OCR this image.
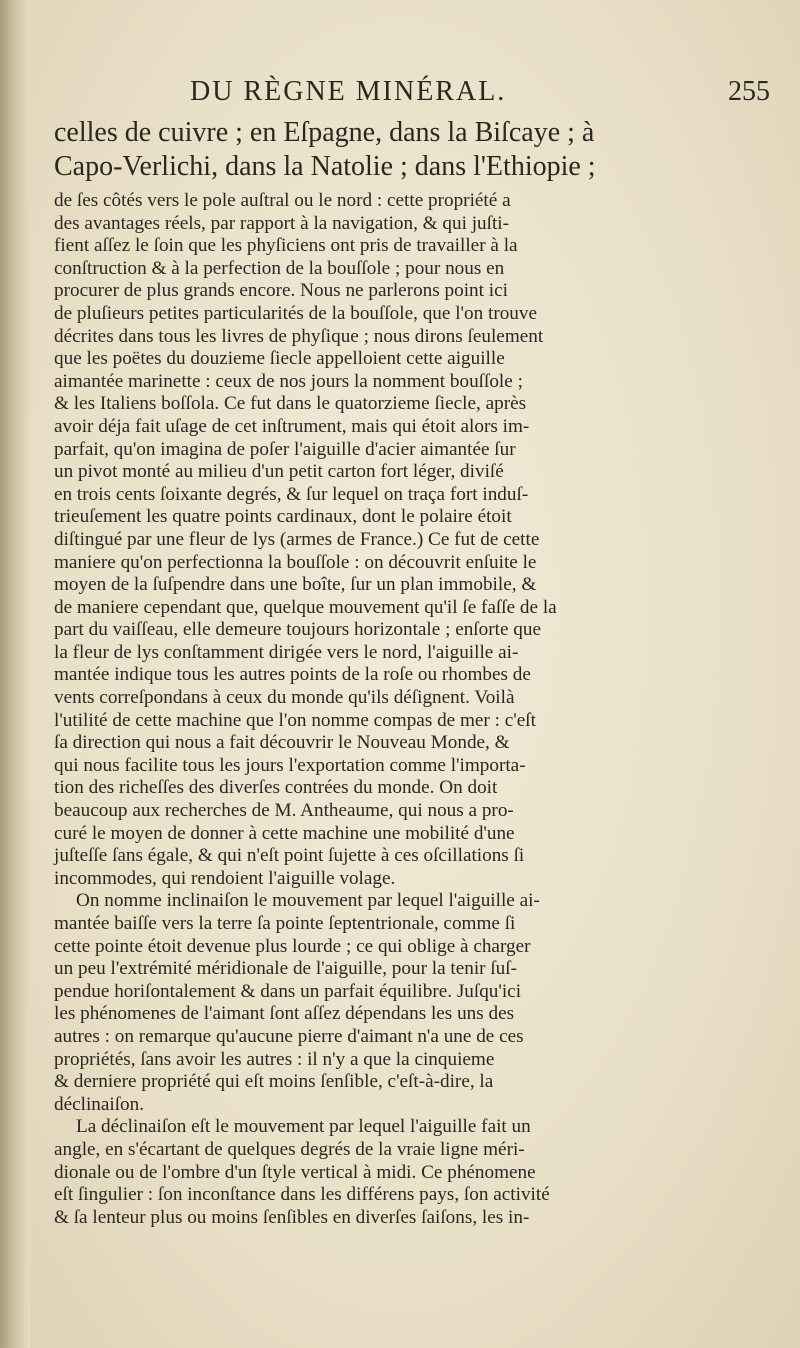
DU RÈGNE MINÉRAL.	255
celles de cuivre ; en Eſpagne, dans la Biſcaye ; à
Capo-Verlichi, dans la Natolie ; dans l'Ethiopie ;
de ſes côtés vers le pole auſtral ou le nord : cette propriété a
des avantages réels, par rapport à la navigation, & qui juſti-
fient aſſez le ſoin que les phyſiciens ont pris de travailler à la
conſtruction & à la perfection de la bouſſole ; pour nous en
procurer de plus grands encore. Nous ne parlerons point ici
de pluſieurs petites particularités de la bouſſole, que l'on trouve
décrites dans tous les livres de phyſique ; nous dirons ſeulement
que les poëtes du douzieme ſiecle appelloient cette aiguille
aimantée marinette : ceux de nos jours la nomment bouſſole ;
& les Italiens boſſola. Ce fut dans le quatorzieme ſiecle, après
avoir déja fait uſage de cet inſtrument, mais qui étoit alors im-
parfait, qu'on imagina de poſer l'aiguille d'acier aimantée ſur
un pivot monté au milieu d'un petit carton fort léger, diviſé
en trois cents ſoixante degrés, & ſur lequel on traça fort induſ-
trieuſement les quatre points cardinaux, dont le polaire étoit
diſtingué par une fleur de lys (armes de France.) Ce fut de cette
maniere qu'on perfectionna la bouſſole : on découvrit enſuite le
moyen de la ſuſpendre dans une boîte, ſur un plan immobile, &
de maniere cependant que, quelque mouvement qu'il ſe faſſe de la
part du vaiſſeau, elle demeure toujours horizontale ; enſorte que
la fleur de lys conſtamment dirigée vers le nord, l'aiguille ai-
mantée indique tous les autres points de la roſe ou rhombes de
vents correſpondans à ceux du monde qu'ils déſignent. Voilà
l'utilité de cette machine que l'on nomme compas de mer : c'eſt
ſa direction qui nous a fait découvrir le Nouveau Monde, &
qui nous facilite tous les jours l'exportation comme l'importa-
tion des richeſſes des diverſes contrées du monde. On doit
beaucoup aux recherches de M. Antheaume, qui nous a pro-
curé le moyen de donner à cette machine une mobilité d'une
juſteſſe ſans égale, & qui n'eſt point ſujette à ces oſcillations ſi
incommodes, qui rendoient l'aiguille volage.
On nomme inclinaiſon le mouvement par lequel l'aiguille ai-
mantée baiſſe vers la terre ſa pointe ſeptentrionale, comme ſi
cette pointe étoit devenue plus lourde ; ce qui oblige à charger
un peu l'extrémité méridionale de l'aiguille, pour la tenir ſuſ-
pendue horiſontalement & dans un parfait équilibre. Juſqu'ici
les phénomenes de l'aimant ſont aſſez dépendans les uns des
autres : on remarque qu'aucune pierre d'aimant n'a une de ces
propriétés, ſans avoir les autres : il n'y a que la cinquieme
& derniere propriété qui eſt moins ſenſible, c'eſt-à-dire, la
déclinaiſon.
La déclinaiſon eſt le mouvement par lequel l'aiguille fait un
angle, en s'écartant de quelques degrés de la vraie ligne méri-
dionale ou de l'ombre d'un ſtyle vertical à midi. Ce phénomene
eſt ſingulier : ſon inconſtance dans les différens pays, ſon activité
& ſa lenteur plus ou moins ſenſibles en diverſes ſaiſons, les in-
